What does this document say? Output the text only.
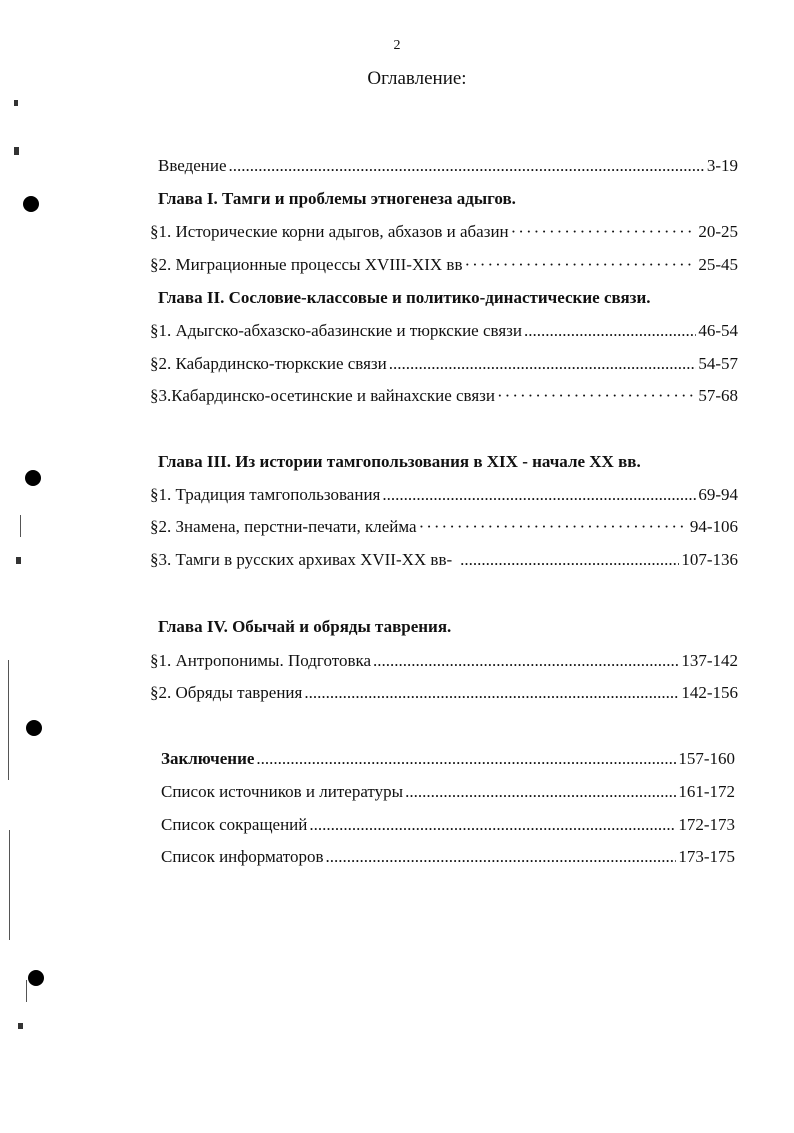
2
Оглавление:
Введение .....	3-19
Глава I. Тамги и проблемы этногенеза адыгов.
§1. Исторические корни адыгов, абхазов и абазин ·····	20-25
§2. Миграционные процессы XVIII-XIX вв ·····	25-45
Глава II. Сословие-классовые и политико-династические связи.
§1. Адыгско-абхазско-абазинские и тюркские связи .....	46-54
§2. Кабардинско-тюркские связи .....	54-57
§3.Кабардинско-осетинские и вайнахские связи ·····	57-68
Глава III. Из истории тамгопользования в XIX - начале XX вв.
§1. Традиция тамгопользования .....	69-94
§2. Знамена, перстни-печати, клейма ·····	94-106
§3. Тамги в русских архивах XVII-XX вв- .....	107-136
Глава IV. Обычай и обряды таврения.
§1. Антропонимы. Подготовка .....	137-142
§2. Обряды таврения .....	142-156
Заключение .....	157-160
Список источников и литературы .....	161-172
Список сокращений .....	172-173
Список информаторов .....	173-175
